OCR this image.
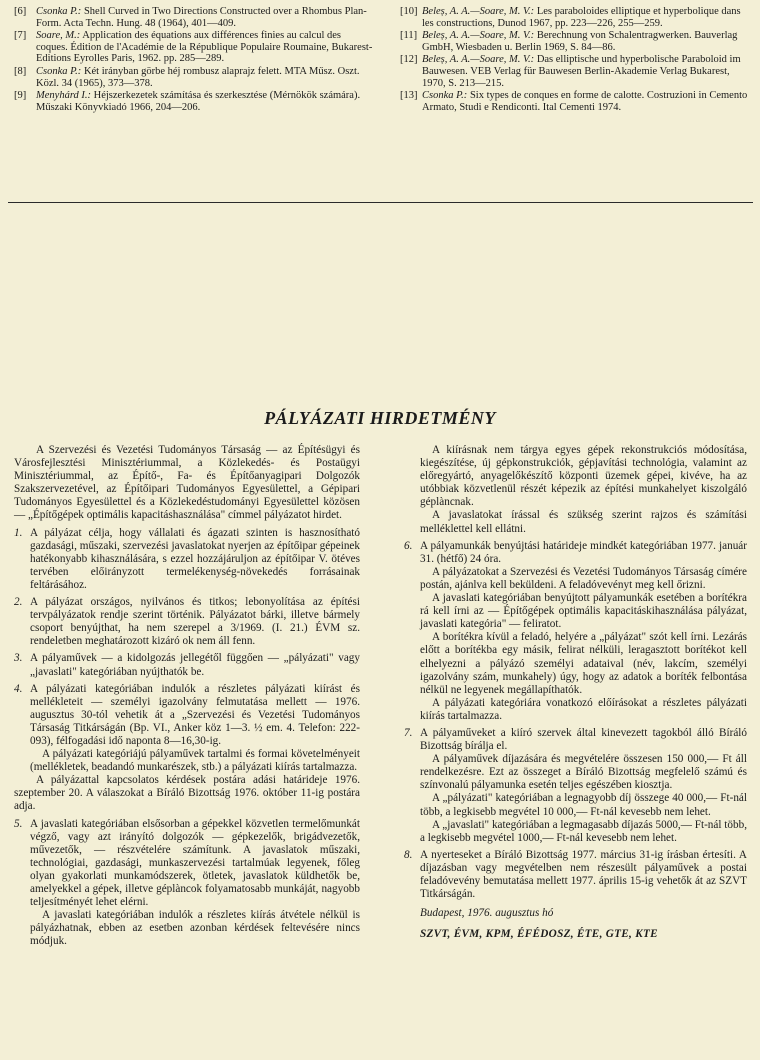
[6] Csonka P.: Shell Curved in Two Directions Constructed over a Rhombus Plan-Form. Acta Techn. Hung. 48 (1964), 401—409.

[7] Soare, M.: Application des équations aux différences finies au calcul des coques. Édition de l'Académie de la République Populaire Roumaine, Bukarest-Editions Eyrolles Paris, 1962. pp. 285—289.

[8] Csonka P.: Két irányban görbe héj rombusz alaprajz felett. MTA Műsz. Oszt. Közl. 34 (1965), 373—378.

[9] Menyhárd I.: Héjszerkezetek számítása és szerkesztése (Mérnökök számára). Műszaki Könyvkiadó 1966, 204—206.

[10] Beleș, A. A.—Soare, M. V.: Les paraboloides elliptique et hyperbolique dans les constructions, Dunod 1967, pp. 223—226, 255—259.

[11] Beleș, A. A.—Soare, M. V.: Berechnung von Schalentragwerken. Bauverlag GmbH, Wiesbaden u. Berlin 1969, S. 84—86.

[12] Beleș, A. A.—Soare, M. V.: Das elliptische und hyperbolische Paraboloid im Bauwesen. VEB Verlag für Bauwesen Berlin-Akademie Verlag Bukarest, 1970, S. 213—215.

[13] Csonka P.: Six types de conques en forme de calotte. Costruzioni in Cemento Armato, Studi e Rendiconti. Ital Cementi 1974.

PÁLYÁZATI HIRDETMÉNY

A Szervezési és Vezetési Tudományos Társaság — az Építésügyi és Városfejlesztési Minisztériummal, a Közlekedés- és Postaügyi Minisztériummal, az Építő-, Fa- és Építőanyagipari Dolgozók Szakszervezetével, az Építőipari Tudományos Egyesülettel, a Gépipari Tudományos Egyesülettel és a Közlekedéstudományi Egyesülettel közösen — „Építőgépek optimális kapacitáshasználása" címmel pályázatot hirdet.

1. A pályázat célja, hogy vállalati és ágazati szinten is hasznosítható gazdasági, műszaki, szervezési javaslatokat nyerjen az építőipar gépeinek hatékonyabb kihasználására, s ezzel hozzájáruljon az építőipar V. ötéves tervében előirányzott termelékenység-növekedés forrásainak feltárásához.

2. A pályázat országos, nyilvános és titkos; lebonyolítása az építési tervpályázatok rendje szerint történik. Pályázatot bárki, illetve bármely csoport benyújthat, ha nem szerepel a 3/1969. (I. 21.) ÉVM sz. rendeletben meghatározott kizáró ok nem áll fenn.

3. A pályaművek — a kidolgozás jellegétől függően — „pályázati" vagy „javaslati" kategóriában nyújthatók be.

4. A pályázati kategóriában indulók a részletes pályázati kiírást és mellékleteit — személyi igazolvány felmutatása mellett — 1976. augusztus 30-tól vehetik át a „Szervezési és Vezetési Tudományos Társaság Titkárságán (Bp. VI., Anker köz 1—3. ½ em. 4. Telefon: 222-093), félfogadási idő naponta 8—16,30-ig.

A pályázati kategóriájú pályaművek tartalmi és formai követelményeit (mellékletek, beadandó munkarészek, stb.) a pályázati kiírás tartalmazza.

A pályázattal kapcsolatos kérdések postára adási határideje 1976. szeptember 20. A válaszokat a Bíráló Bizottság 1976. október 11-ig postára adja.

5. A javaslati kategóriában elsősorban a gépekkel közvetlen termelőmunkát végző, vagy azt irányító dolgozók — gépkezelők, brigádvezetők, művezetők, — részvételére számítunk. A javaslatok műszaki, technológiai, gazdasági, munkaszervezési tartalmúak legyenek, főleg olyan gyakorlati munkamódszerek, ötletek, javaslatok küldhetők be, amelyekkel a gépek, illetve géplàncok folyamatosabb munkáját, nagyobb teljesítményét lehet elérni.

A javaslati kategóriában indulók a részletes kiírás átvétele nélkül is pályázhatnak, ebben az esetben azonban kérdések feltevésére nincs módjuk.

A kiírásnak nem tárgya egyes gépek rekonstrukciós módosítása, kiegészítése, új gépkonstrukciók, gépjavítási technológia, valamint az előregyártó, anyagelőkészítő központi üzemek gépei, kivéve, ha az utóbbiak közvetlenül részét képezik az építési munkahelyet kiszolgáló géplàncnak.

A javaslatokat írással és szükség szerint rajzos és számítási melléklettel kell ellátni.

6. A pályamunkák benyújtási határideje mindkét kategóriában 1977. január 31. (hétfő) 24 óra.

A pályázatokat a Szervezési és Vezetési Tudományos Társaság címére postán, ajánlva kell beküldeni. A feladóvevényt meg kell őrizni.

A javaslati kategóriában benyújtott pályamunkák esetében a borítékra rá kell írni az — Építőgépek optimális kapacitáskihasználása pályázat, javaslati kategória" — feliratot.

A borítékra kívül a feladó, helyére a „pályázat" szót kell írni. Lezárás előtt a borítékba egy másik, felirat nélküli, leragasztott borítékot kell elhelyezni a pályázó személyi adataival (név, lakcím, személyi igazolvány szám, munkahely) úgy, hogy az adatok a boríték felbontása nélkül ne legyenek megállapíthatók.

A pályázati kategóriára vonatkozó előírásokat a részletes pályázati kiírás tartalmazza.

7. A pályaműveket a kiíró szervek által kinevezett tagokból álló Bíráló Bizottság bírálja el.

A pályaművek díjazására és megvételére összesen 150 000,— Ft áll rendelkezésre. Ezt az összeget a Bíráló Bizottság megfelelő számú és színvonalú pályamunka esetén teljes egészében kiosztja.

A „pályázati" kategóriában a legnagyobb díj összege 40 000,— Ft-nál több, a legkisebb megvétel 10 000,— Ft-nál kevesebb nem lehet.

A „javaslati" kategóriában a legmagasabb díjazás 5000,— Ft-nál több, a legkisebb megvétel 1000,— Ft-nál kevesebb nem lehet.

8. A nyerteseket a Bíráló Bizottság 1977. március 31-ig írásban értesíti. A díjazásban vagy megvételben nem részesült pályaművek a postai feladóvevény bemutatása mellett 1977. április 15-ig vehetők át az SZVT Titkárságán.

Budapest, 1976. augusztus hó

SZVT, ÉVM, KPM, ÉFÉDOSZ, ÉTE, GTE, KTE
